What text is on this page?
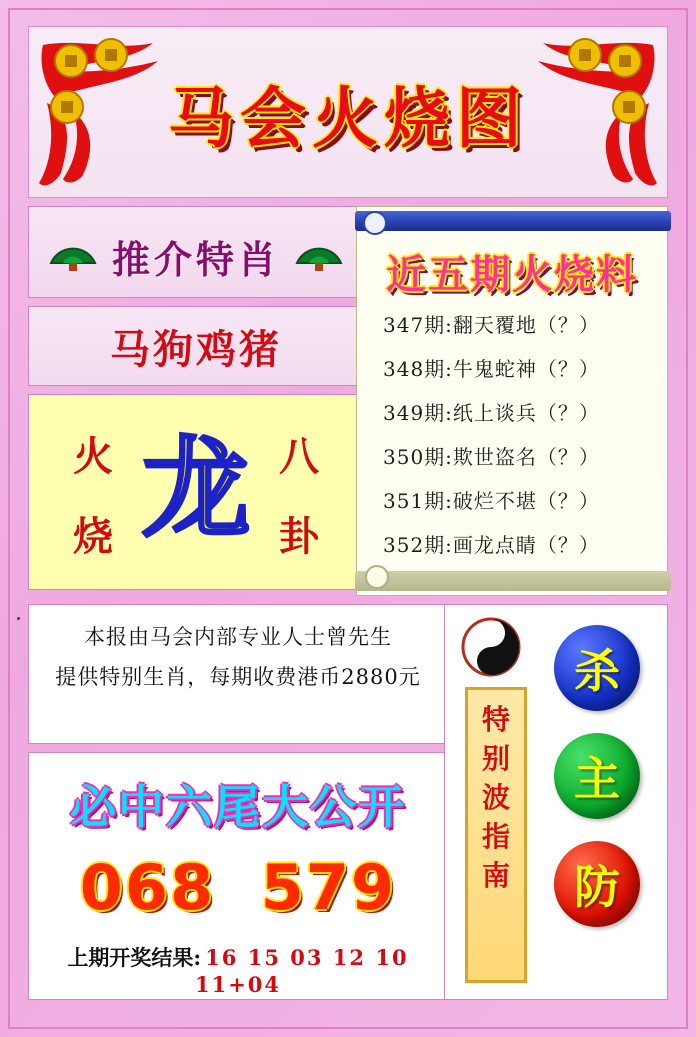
马会火烧图
推介特肖
马狗鸡猪
火
烧
八
卦
龙
近五期火烧料
347期:翻天覆地（？）
348期:牛鬼蛇神（？）
349期:纸上谈兵（？）
350期:欺世盗名（？）
351期:破烂不堪（？）
352期:画龙点睛（？）

本报由马会内部专业人士曾先生

提供特别生肖，每期收费港币2880元

必中六尾大公开
068 579
上期开奖结果: 16 15 03 12 10 11+04
特
别
波
指
南
杀
主
防
